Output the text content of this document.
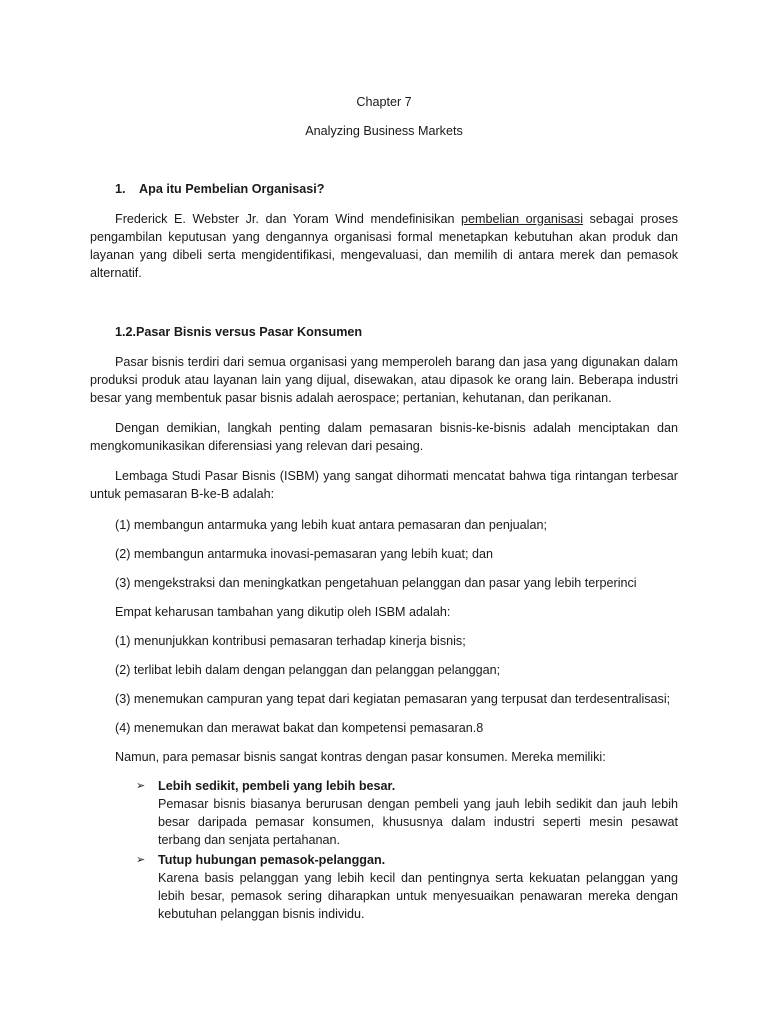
Chapter 7
Analyzing Business Markets
1. Apa itu Pembelian Organisasi?

Frederick E. Webster Jr. dan Yoram Wind mendefinisikan pembelian organisasi sebagai proses pengambilan keputusan yang dengannya organisasi formal menetapkan kebutuhan akan produk dan layanan yang dibeli serta mengidentifikasi, mengevaluasi, dan memilih di antara merek dan pemasok alternatif.

1.2.Pasar Bisnis versus Pasar Konsumen

Pasar bisnis terdiri dari semua organisasi yang memperoleh barang dan jasa yang digunakan dalam produksi produk atau layanan lain yang dijual, disewakan, atau dipasok ke orang lain. Beberapa industri besar yang membentuk pasar bisnis adalah aerospace; pertanian, kehutanan, dan perikanan.

Dengan demikian, langkah penting dalam pemasaran bisnis-ke-bisnis adalah menciptakan dan mengkomunikasikan diferensiasi yang relevan dari pesaing.

Lembaga Studi Pasar Bisnis (ISBM) yang sangat dihormati mencatat bahwa tiga rintangan terbesar untuk pemasaran B-ke-B adalah:

(1) membangun antarmuka yang lebih kuat antara pemasaran dan penjualan;
(2) membangun antarmuka inovasi-pemasaran yang lebih kuat; dan
(3) mengekstraksi dan meningkatkan pengetahuan pelanggan dan pasar yang lebih terperinci
Empat keharusan tambahan yang dikutip oleh ISBM adalah:
(1) menunjukkan kontribusi pemasaran terhadap kinerja bisnis;
(2) terlibat lebih dalam dengan pelanggan dan pelanggan pelanggan;
(3) menemukan campuran yang tepat dari kegiatan pemasaran yang terpusat dan terdesentralisasi;
(4) menemukan dan merawat bakat dan kompetensi pemasaran.8
Namun, para pemasar bisnis sangat kontras dengan pasar konsumen. Mereka memiliki:
➢ Lebih sedikit, pembeli yang lebih besar.

Pemasar bisnis biasanya berurusan dengan pembeli yang jauh lebih sedikit dan jauh lebih besar daripada pemasar konsumen, khususnya dalam industri seperti mesin pesawat terbang dan senjata pertahanan.

➢ Tutup hubungan pemasok-pelanggan.

Karena basis pelanggan yang lebih kecil dan pentingnya serta kekuatan pelanggan yang lebih besar, pemasok sering diharapkan untuk menyesuaikan penawaran mereka dengan kebutuhan pelanggan bisnis individu.
